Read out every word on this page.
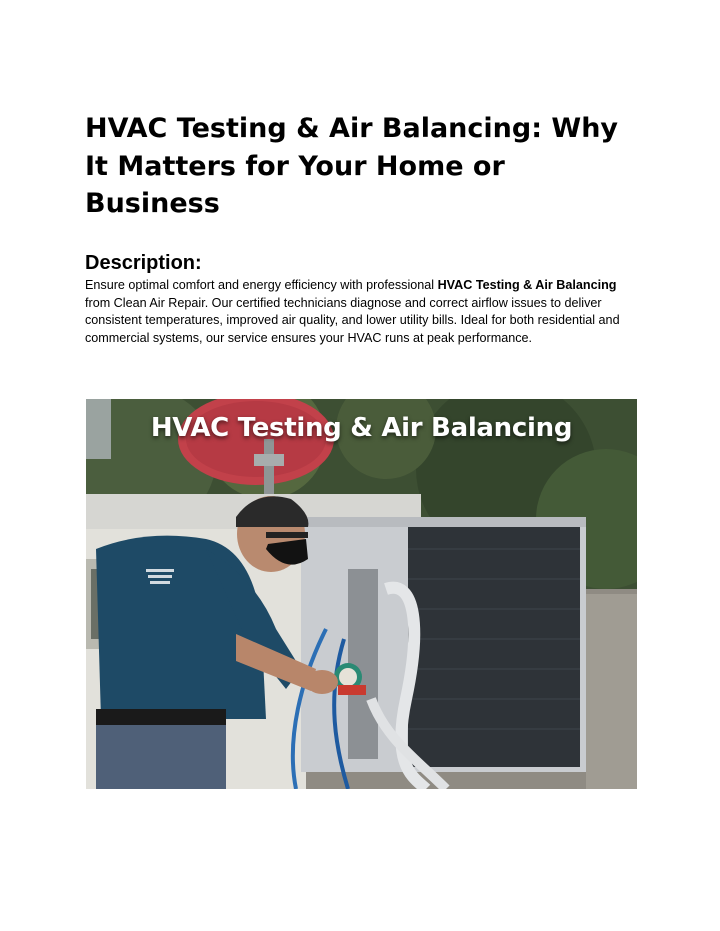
HVAC Testing & Air Balancing: Why It Matters for Your Home or Business
Description:

Ensure optimal comfort and energy efficiency with professional HVAC Testing & Air Balancing from Clean Air Repair. Our certified technicians diagnose and correct airflow issues to deliver consistent temperatures, improved air quality, and lower utility bills. Ideal for both residential and commercial systems, our service ensures your HVAC runs at peak performance.

HVAC Testing & Air Balancing
